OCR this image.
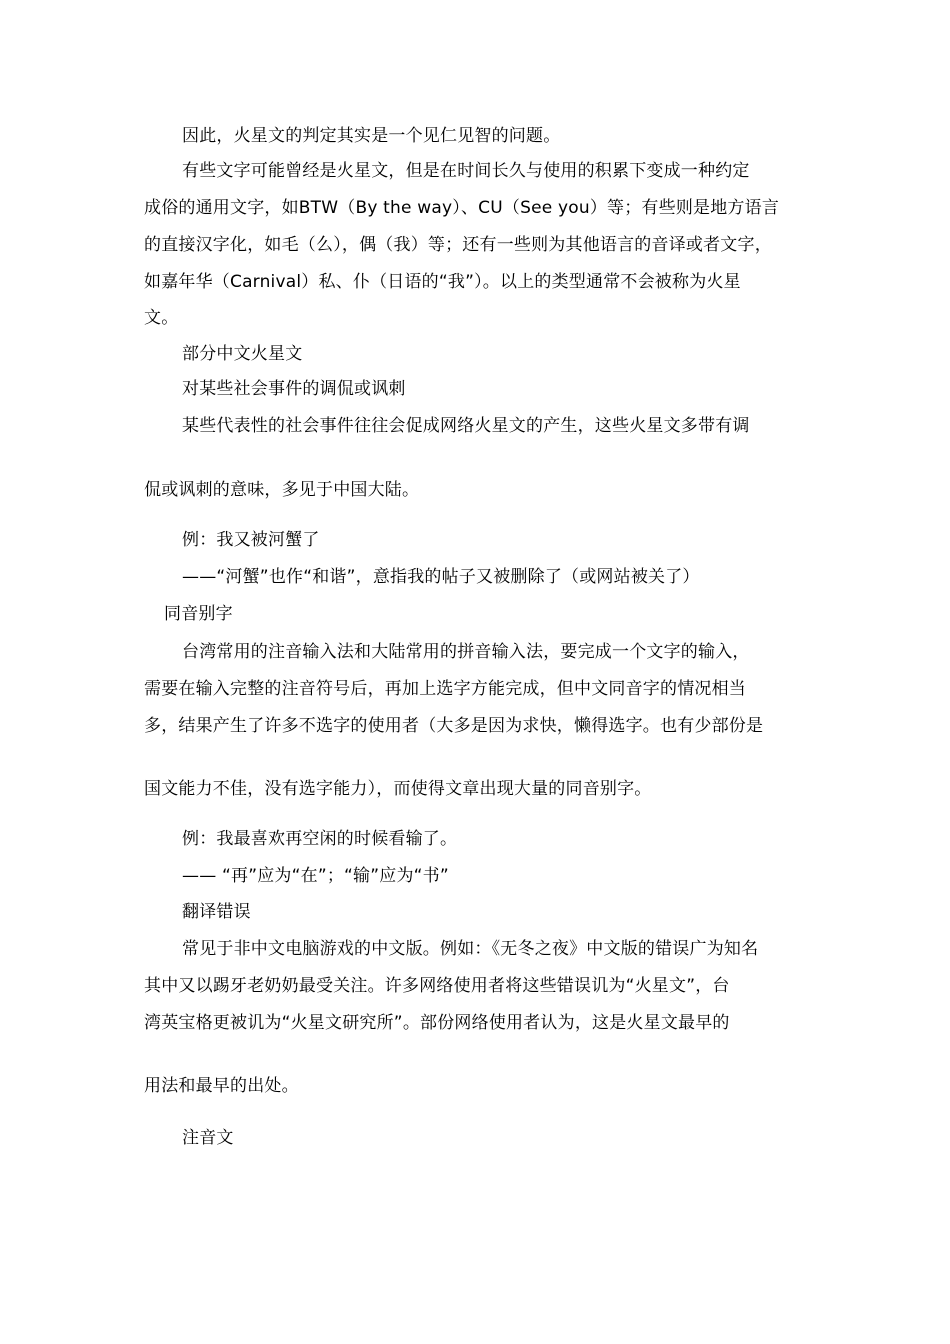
因此，火星文的判定其实是一个见仁见智的问题。
有些文字可能曾经是火星文，但是在时间长久与使用的积累下变成一种约定
成俗的通用文字，如BTW（By the way）、CU（See you）等；有些则是地方语言
的直接汉字化，如毛（么），偶（我）等；还有一些则为其他语言的音译或者文字，
如嘉年华（Carnival）私、仆（日语的“我”）。以上的类型通常不会被称为火星
文。
部分中文火星文
对某些社会事件的调侃或讽刺
某些代表性的社会事件往往会促成网络火星文的产生，这些火星文多带有调
侃或讽刺的意味，多见于中国大陆。
例：我又被河蟹了
——“河蟹”也作“和谐”，意指我的帖子又被删除了（或网站被关了）
同音别字
台湾常用的注音输入法和大陆常用的拼音输入法，要完成一个文字的输入，
需要在输入完整的注音符号后，再加上选字方能完成，但中文同音字的情况相当
多，结果产生了许多不选字的使用者（大多是因为求快，懒得选字。也有少部份是
国文能力不佳，没有选字能力），而使得文章出现大量的同音别字。
例：我最喜欢再空闲的时候看输了。
—— “再”应为“在”；“输”应为“书”
翻译错误
常见于非中文电脑游戏的中文版。例如：《无冬之夜》中文版的错误广为知名
其中又以踢牙老奶奶最受关注。许多网络使用者将这些错误讥为“火星文”，台
湾英宝格更被讥为“火星文研究所”。部份网络使用者认为，这是火星文最早的
用法和最早的出处。
注音文
